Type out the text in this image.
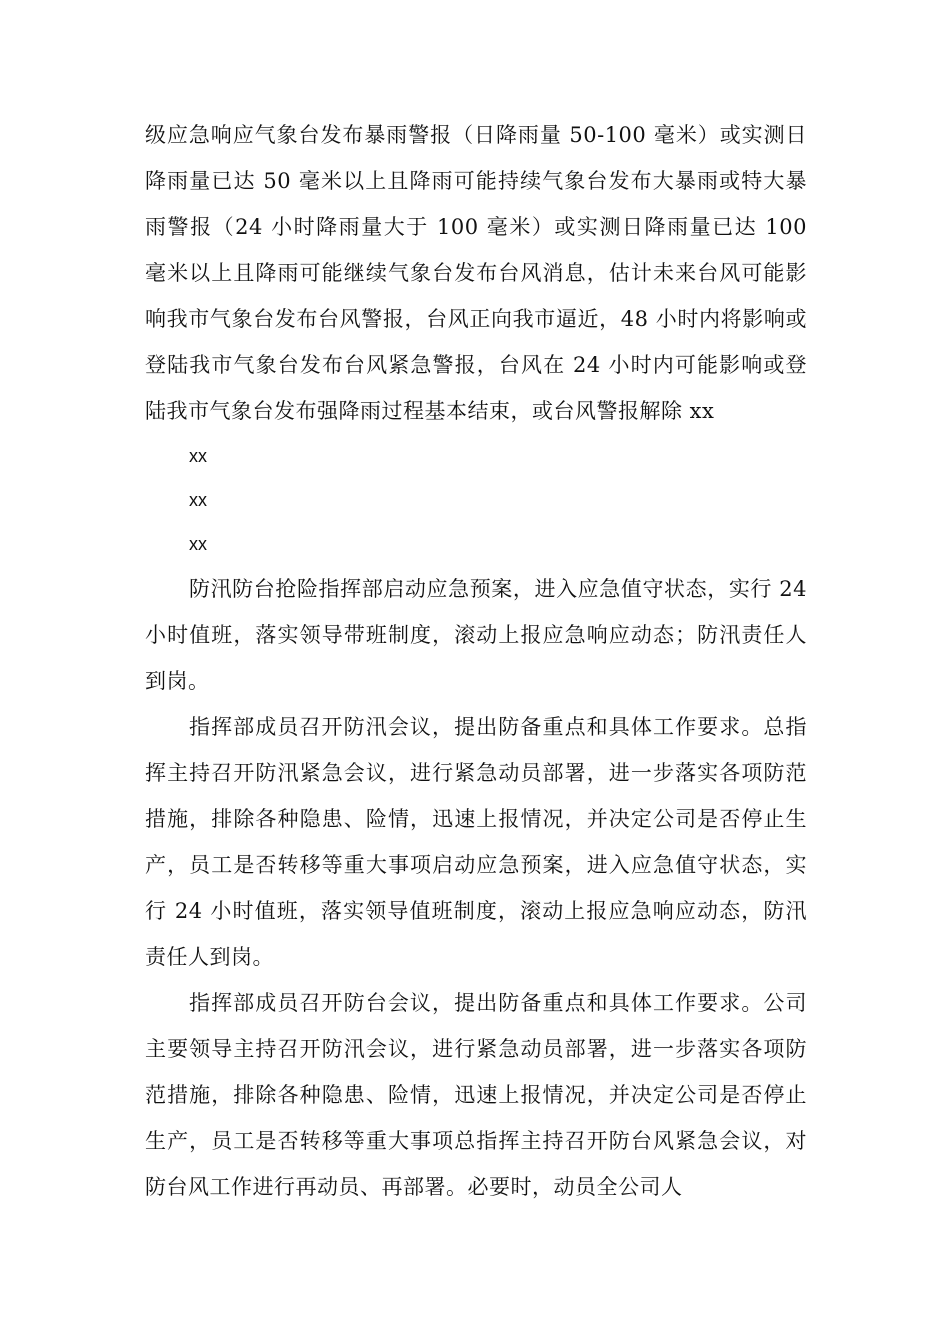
级应急响应气象台发布暴雨警报（日降雨量 50-100 毫米）或实测日降雨量已达 50 毫米以上且降雨可能持续气象台发布大暴雨或特大暴雨警报（24 小时降雨量大于 100 毫米）或实测日降雨量已达 100 毫米以上且降雨可能继续气象台发布台风消息，估计未来台风可能影响我市气象台发布台风警报，台风正向我市逼近，48 小时内将影响或登陆我市气象台发布台风紧急警报，台风在 24 小时内可能影响或登陆我市气象台发布强降雨过程基本结束，或台风警报解除 xx

xx

xx

xx

防汛防台抢险指挥部启动应急预案，进入应急值守状态，实行 24 小时值班，落实领导带班制度，滚动上报应急响应动态；防汛责任人到岗。

指挥部成员召开防汛会议，提出防备重点和具体工作要求。总指挥主持召开防汛紧急会议，进行紧急动员部署，进一步落实各项防范措施，排除各种隐患、险情，迅速上报情况，并决定公司是否停止生产，员工是否转移等重大事项启动应急预案，进入应急值守状态，实行 24 小时值班，落实领导值班制度，滚动上报应急响应动态，防汛责任人到岗。

指挥部成员召开防台会议，提出防备重点和具体工作要求。公司主要领导主持召开防汛会议，进行紧急动员部署，进一步落实各项防范措施，排除各种隐患、险情，迅速上报情况，并决定公司是否停止生产，员工是否转移等重大事项总指挥主持召开防台风紧急会议，对防台风工作进行再动员、再部署。必要时，动员全公司人
